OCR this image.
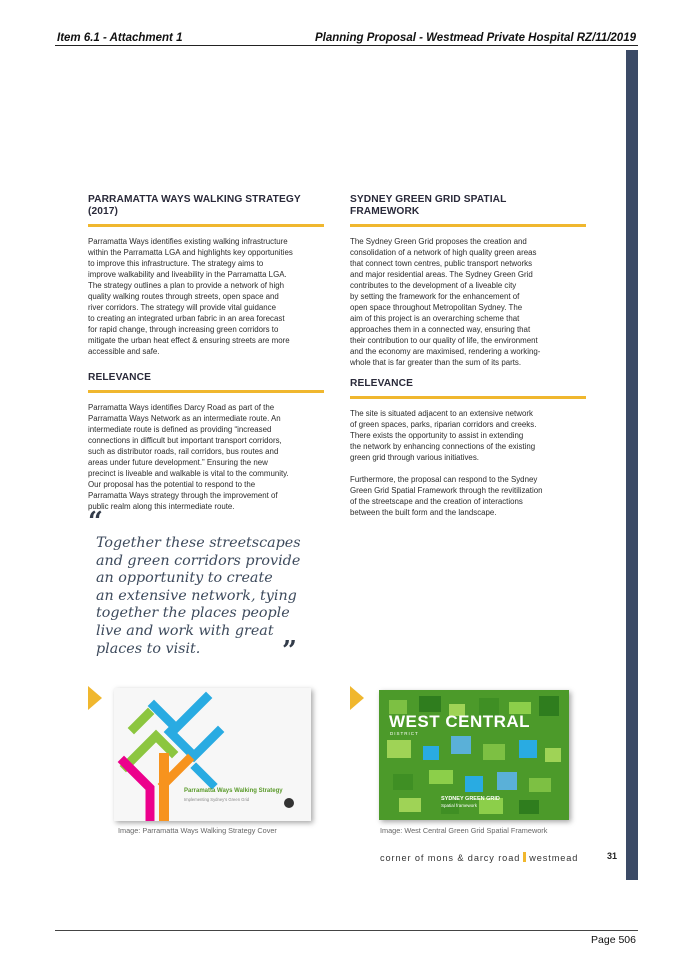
Item 6.1 - Attachment 1	Planning Proposal - Westmead Private Hospital RZ/11/2019
PARRAMATTA WAYS WALKING STRATEGY
(2017)
Parramatta Ways identifies existing walking infrastructure
within the Parramatta LGA and highlights key opportunities
to improve this infrastructure. The strategy aims to
improve walkability and liveability in the Parramatta LGA.
The strategy outlines a plan to provide a network of high
quality walking routes through streets, open space and
river corridors. The strategy will provide vital guidance
to creating an integrated urban fabric in an area forecast
for rapid change, through increasing green corridors to
mitigate the urban heat effect & ensuring streets are more
accessible and safe.
RELEVANCE
Parramatta Ways identifies Darcy Road as part of the
Parramatta Ways Network as an intermediate route. An
intermediate route is defined as providing “increased
connections in difficult but important transport corridors,
such as distributor roads, rail corridors, bus routes and
areas under future development.” Ensuring the new
precinct is liveable and walkable is vital to the community.
Our proposal has the potential to respond to the
Parramatta Ways strategy through the improvement of
public realm along this intermediate route.
“
Together these streetscapes
and green corridors provide
an opportunity to create
an extensive network, tying
together the places people
live and work with great
places to visit.	”
SYDNEY GREEN GRID SPATIAL
FRAMEWORK
The Sydney Green Grid proposes the creation and
consolidation of a network of high quality green areas
that connect town centres, public transport networks
and major residential areas. The Sydney Green Grid
contributes to the development of a liveable city
by setting the framework for the enhancement of
open space throughout Metropolitan Sydney. The
aim of this project is an overarching scheme that
approaches them in a connected way, ensuring that
their contribution to our quality of life, the environment
and the economy are maximised, rendering a working-
whole that is far greater than the sum of its parts.
RELEVANCE
The site is situated adjacent to an extensive network
of green spaces, parks, riparian corridors and creeks.
There exists the opportunity to assist in extending
the network by enhancing connections of the existing
green grid through various initiatives.
Furthermore, the proposal can respond to the Sydney
Green Grid Spatial Framework through the revitilization
of the streetscape and the creation of interactions
between the built form and the landscape.
Parramatta Ways Walking Strategy
Implementing Sydney’s Green Grid
Image: Parramatta Ways Walking Strategy Cover
WEST CENTRAL
DISTRICT
SYDNEY GREEN GRID
Spatial framework
Image: West Central Green Grid Spatial Framework
corner of mons & darcy road westmead	31
Page 506
